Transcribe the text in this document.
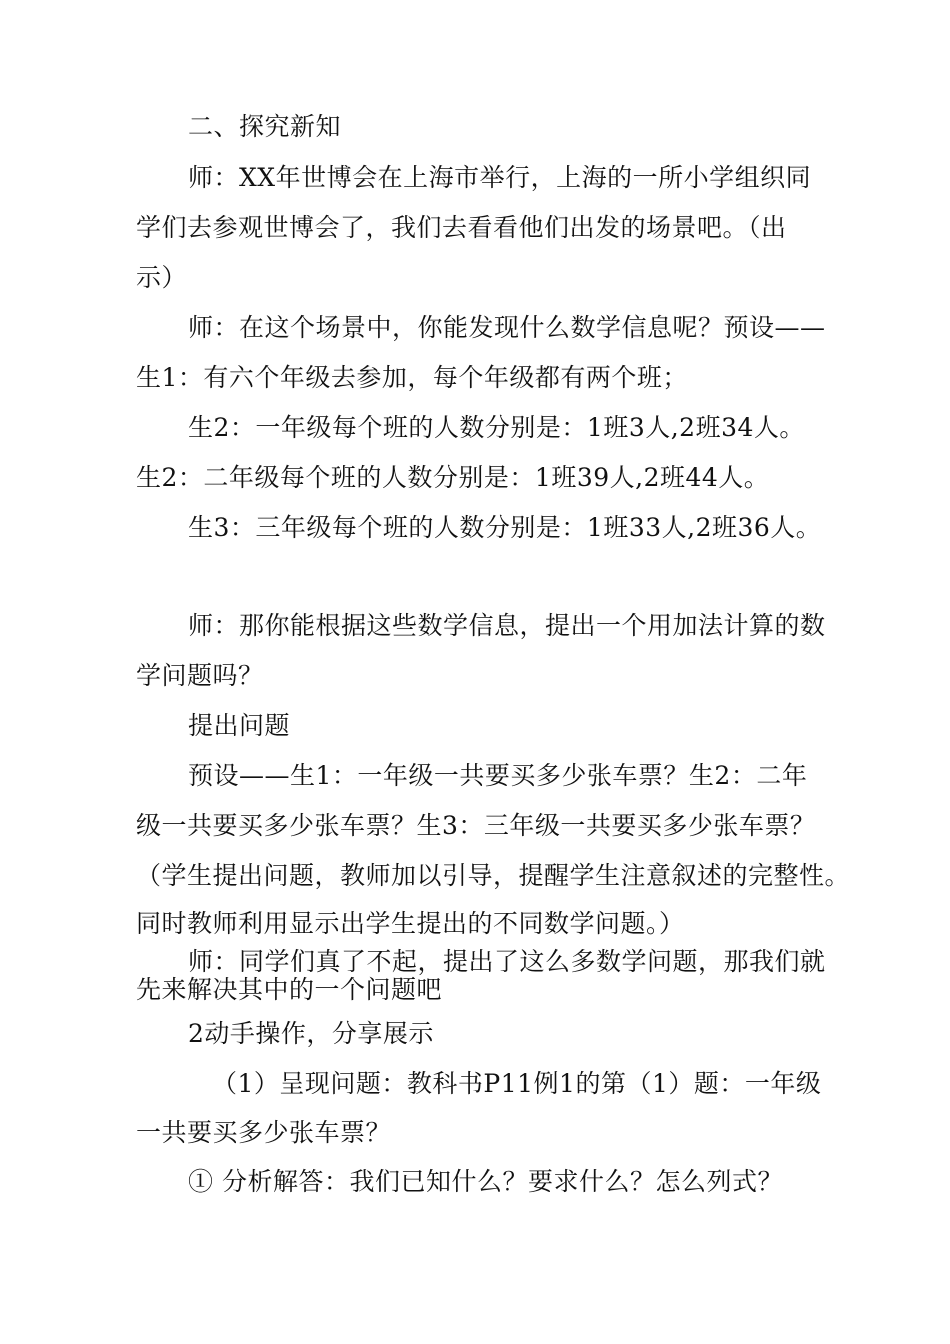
二、探究新知
师：XX年世博会在上海市举行，上海的一所小学组织同
学们去参观世博会了，我们去看看他们出发的场景吧。（出
示）
师：在这个场景中，你能发现什么数学信息呢？预设——
生1：有六个年级去参加，每个年级都有两个班；
生2：一年级每个班的人数分别是：1班3人,2班34人。
生2：二年级每个班的人数分别是：1班39人,2班44人。
生3：三年级每个班的人数分别是：1班33人,2班36人。
师：那你能根据这些数学信息，提出一个用加法计算的数
学问题吗？
提出问题
预设——生1：一年级一共要买多少张车票？生2：二年
级一共要买多少张车票？生3：三年级一共要买多少张车票？
（学生提出问题，教师加以引导，提醒学生注意叙述的完整性。
同时教师利用显示出学生提出的不同数学问题。）
师：同学们真了不起，提出了这么多数学问题，那我们就
先来解决其中的一个问题吧
2动手操作，分享展示
（1）呈现问题：教科书P11例1的第（1）题：一年级
一共要买多少张车票？
① 分析解答：我们已知什么？要求什么？怎么列式？
